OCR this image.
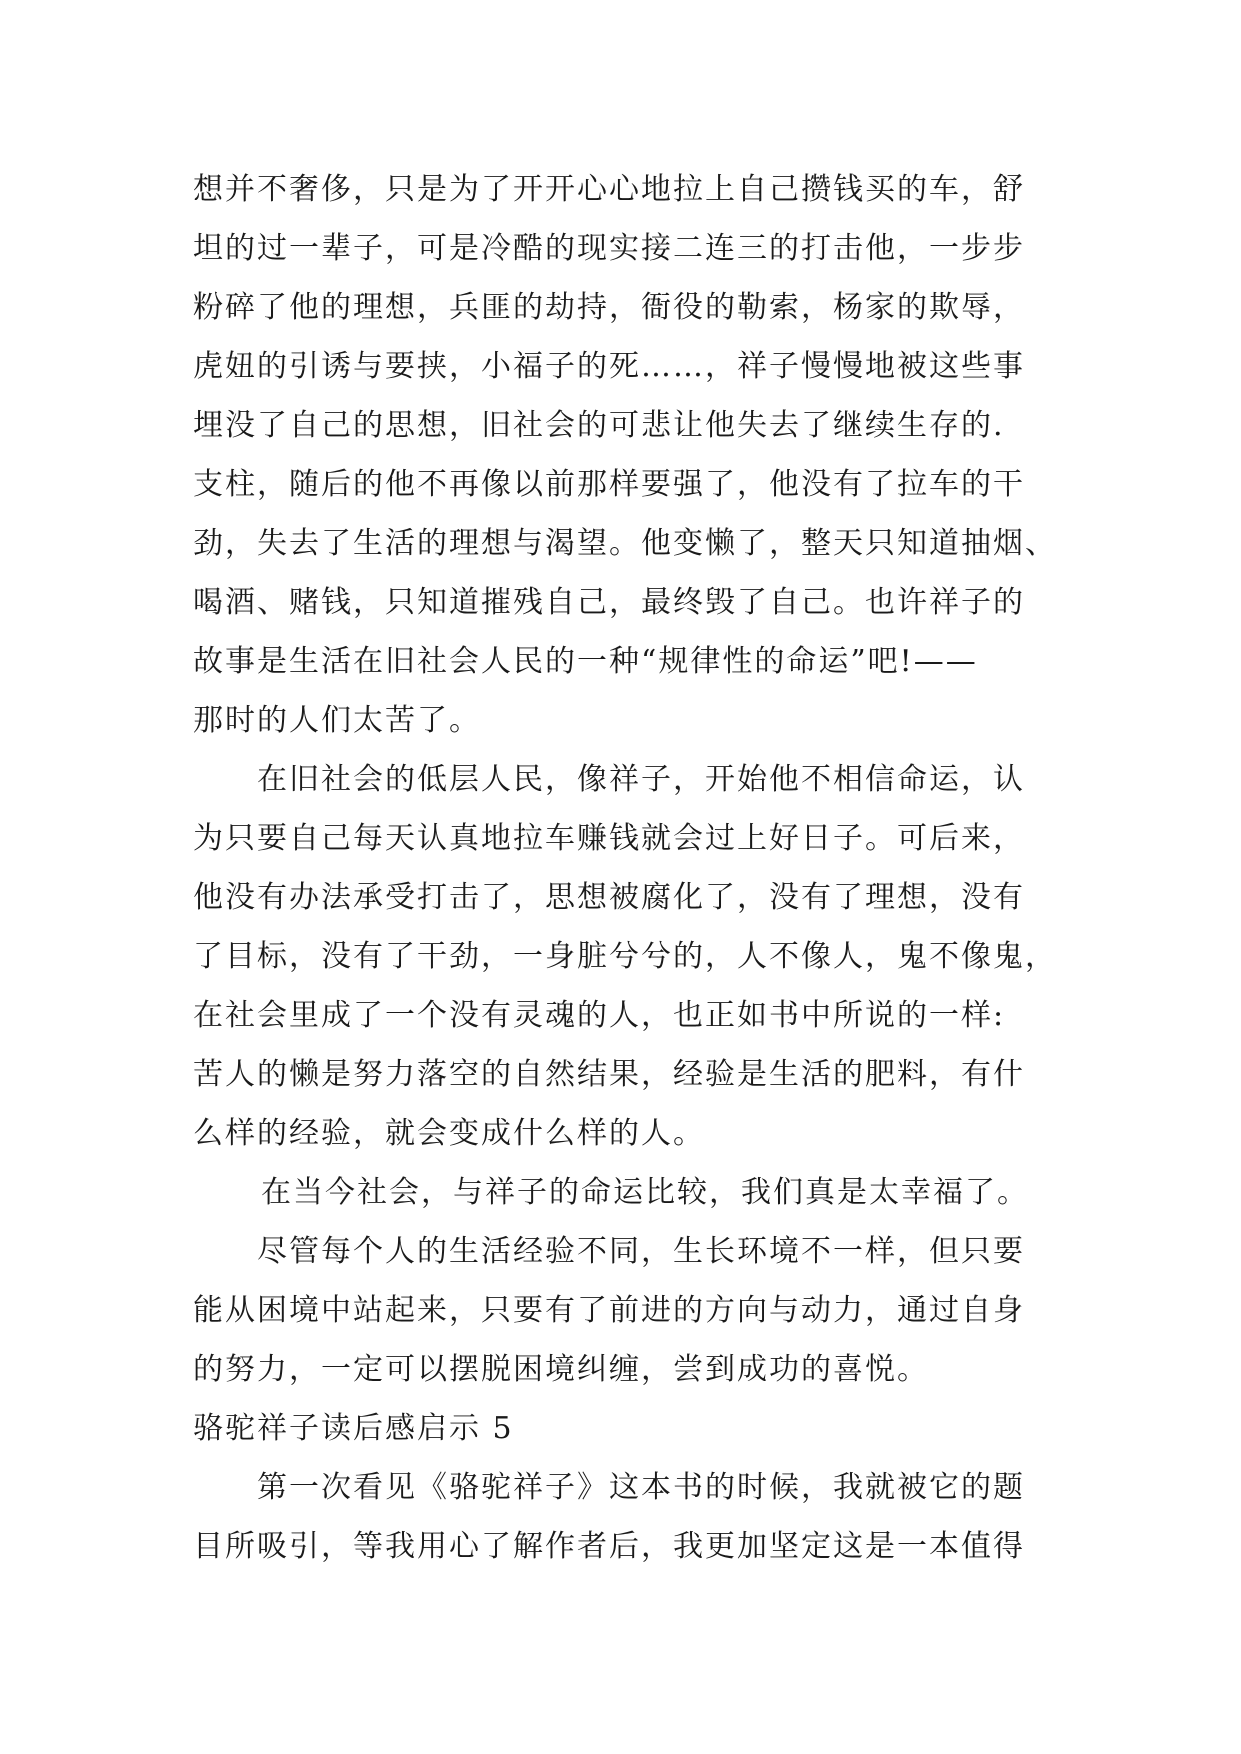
想并不奢侈，只是为了开开心心地拉上自己攒钱买的车，舒
坦的过一辈子，可是冷酷的现实接二连三的打击他，一步步
粉碎了他的理想，兵匪的劫持，衙役的勒索，杨家的欺辱，
虎妞的引诱与要挟，小福子的死……，祥子慢慢地被这些事
埋没了自己的思想，旧社会的可悲让他失去了继续生存的.
支柱，随后的他不再像以前那样要强了，他没有了拉车的干
劲，失去了生活的理想与渴望。他变懒了，整天只知道抽烟、
喝酒、赌钱，只知道摧残自己，最终毁了自己。也许祥子的
故事是生活在旧社会人民的一种“规律性的命运”吧!——
那时的人们太苦了。
在旧社会的低层人民，像祥子，开始他不相信命运，认
为只要自己每天认真地拉车赚钱就会过上好日子。可后来，
他没有办法承受打击了，思想被腐化了，没有了理想，没有
了目标，没有了干劲，一身脏兮兮的，人不像人，鬼不像鬼，
在社会里成了一个没有灵魂的人，也正如书中所说的一样:
苦人的懒是努力落空的自然结果，经验是生活的肥料，有什
么样的经验，就会变成什么样的人。
在当今社会，与祥子的命运比较，我们真是太幸福了。
尽管每个人的生活经验不同，生长环境不一样，但只要
能从困境中站起来，只要有了前进的方向与动力，通过自身
的努力，一定可以摆脱困境纠缠，尝到成功的喜悦。
骆驼祥子读后感启示 5
第一次看见《骆驼祥子》这本书的时候，我就被它的题
目所吸引，等我用心了解作者后，我更加坚定这是一本值得
